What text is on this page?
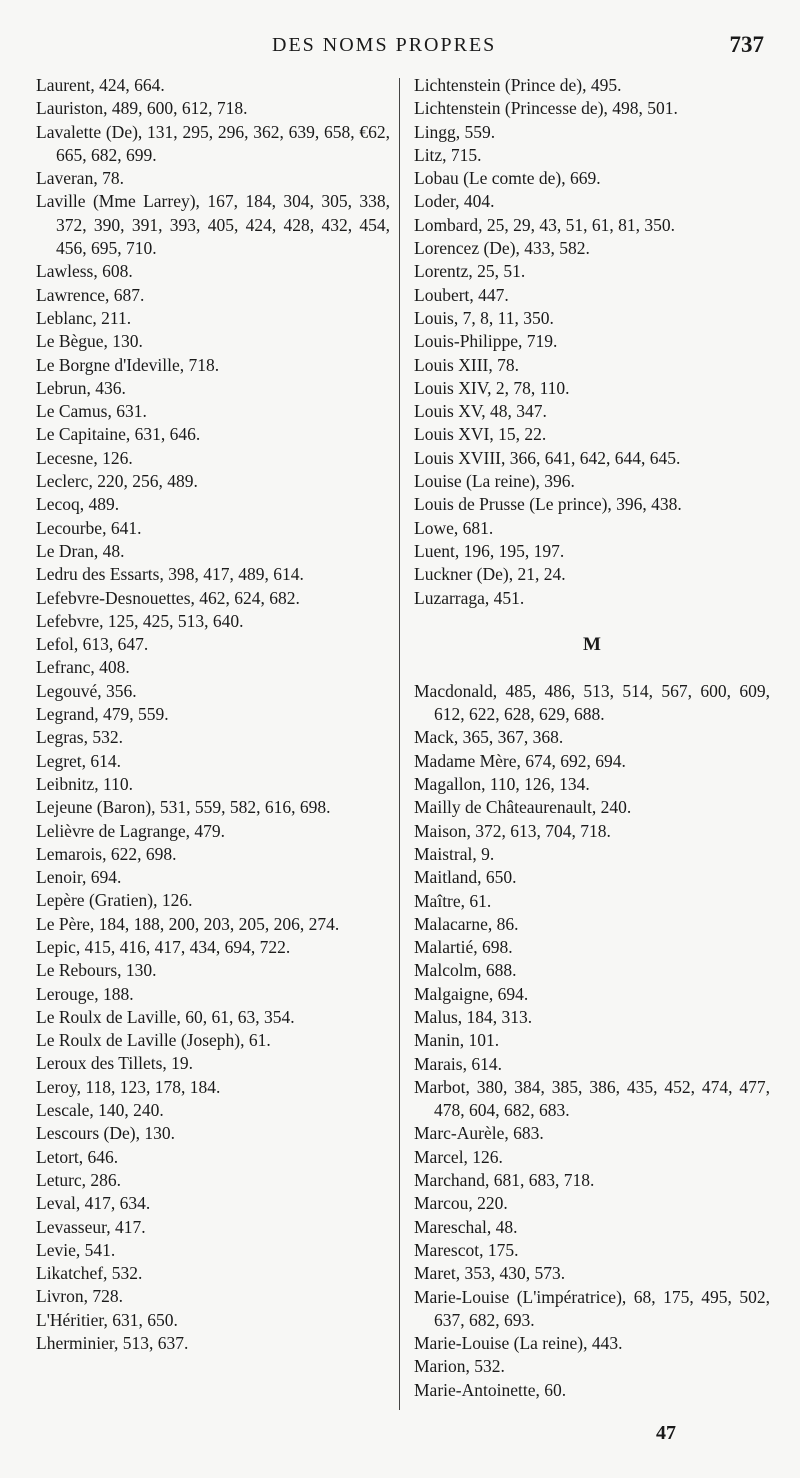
DES NOMS PROPRES	737
Laurent, 424, 664.
Lauriston, 489, 600, 612, 718.
Lavalette (De), 131, 295, 296, 362, 639, 658, €62, 665, 682, 699.
Laveran, 78.
Laville (Mme Larrey), 167, 184, 304, 305, 338, 372, 390, 391, 393, 405, 424, 428, 432, 454, 456, 695, 710.
Lawless, 608.
Lawrence, 687.
Leblanc, 211.
Le Bègue, 130.
Le Borgne d'Ideville, 718.
Lebrun, 436.
Le Camus, 631.
Le Capitaine, 631, 646.
Lecesne, 126.
Leclerc, 220, 256, 489.
Lecoq, 489.
Lecourbe, 641.
Le Dran, 48.
Ledru des Essarts, 398, 417, 489, 614.
Lefebvre-Desnouettes, 462, 624, 682.
Lefebvre, 125, 425, 513, 640.
Lefol, 613, 647.
Lefranc, 408.
Legouvé, 356.
Legrand, 479, 559.
Legras, 532.
Legret, 614.
Leibnitz, 110.
Lejeune (Baron), 531, 559, 582, 616, 698.
Lelièvre de Lagrange, 479.
Lemarois, 622, 698.
Lenoir, 694.
Lepère (Gratien), 126.
Le Père, 184, 188, 200, 203, 205, 206, 274.
Lepic, 415, 416, 417, 434, 694, 722.
Le Rebours, 130.
Lerouge, 188.
Le Roulx de Laville, 60, 61, 63, 354.
Le Roulx de Laville (Joseph), 61.
Leroux des Tillets, 19.
Leroy, 118, 123, 178, 184.
Lescale, 140, 240.
Lescours (De), 130.
Letort, 646.
Leturc, 286.
Leval, 417, 634.
Levasseur, 417.
Levie, 541.
Likatchef, 532.
Livron, 728.
L'Héritier, 631, 650.
Lherminier, 513, 637.
Lichtenstein (Prince de), 495.
Lichtenstein (Princesse de), 498, 501.
Lingg, 559.
Litz, 715.
Lobau (Le comte de), 669.
Loder, 404.
Lombard, 25, 29, 43, 51, 61, 81, 350.
Lorencez (De), 433, 582.
Lorentz, 25, 51.
Loubert, 447.
Louis, 7, 8, 11, 350.
Louis-Philippe, 719.
Louis XIII, 78.
Louis XIV, 2, 78, 110.
Louis XV, 48, 347.
Louis XVI, 15, 22.
Louis XVIII, 366, 641, 642, 644, 645.
Louise (La reine), 396.
Louis de Prusse (Le prince), 396, 438.
Lowe, 681.
Luent, 196, 195, 197.
Luckner (De), 21, 24.
Luzarraga, 451.
M
Macdonald, 485, 486, 513, 514, 567, 600, 609, 612, 622, 628, 629, 688.
Mack, 365, 367, 368.
Madame Mère, 674, 692, 694.
Magallon, 110, 126, 134.
Mailly de Châteaurenault, 240.
Maison, 372, 613, 704, 718.
Maistral, 9.
Maitland, 650.
Maître, 61.
Malacarne, 86.
Malartié, 698.
Malcolm, 688.
Malgaigne, 694.
Malus, 184, 313.
Manin, 101.
Marais, 614.
Marbot, 380, 384, 385, 386, 435, 452, 474, 477, 478, 604, 682, 683.
Marc-Aurèle, 683.
Marcel, 126.
Marchand, 681, 683, 718.
Marcou, 220.
Mareschal, 48.
Marescot, 175.
Maret, 353, 430, 573.
Marie-Louise (L'impératrice), 68, 175, 495, 502, 637, 682, 693.
Marie-Louise (La reine), 443.
Marion, 532.
Marie-Antoinette, 60.
47
